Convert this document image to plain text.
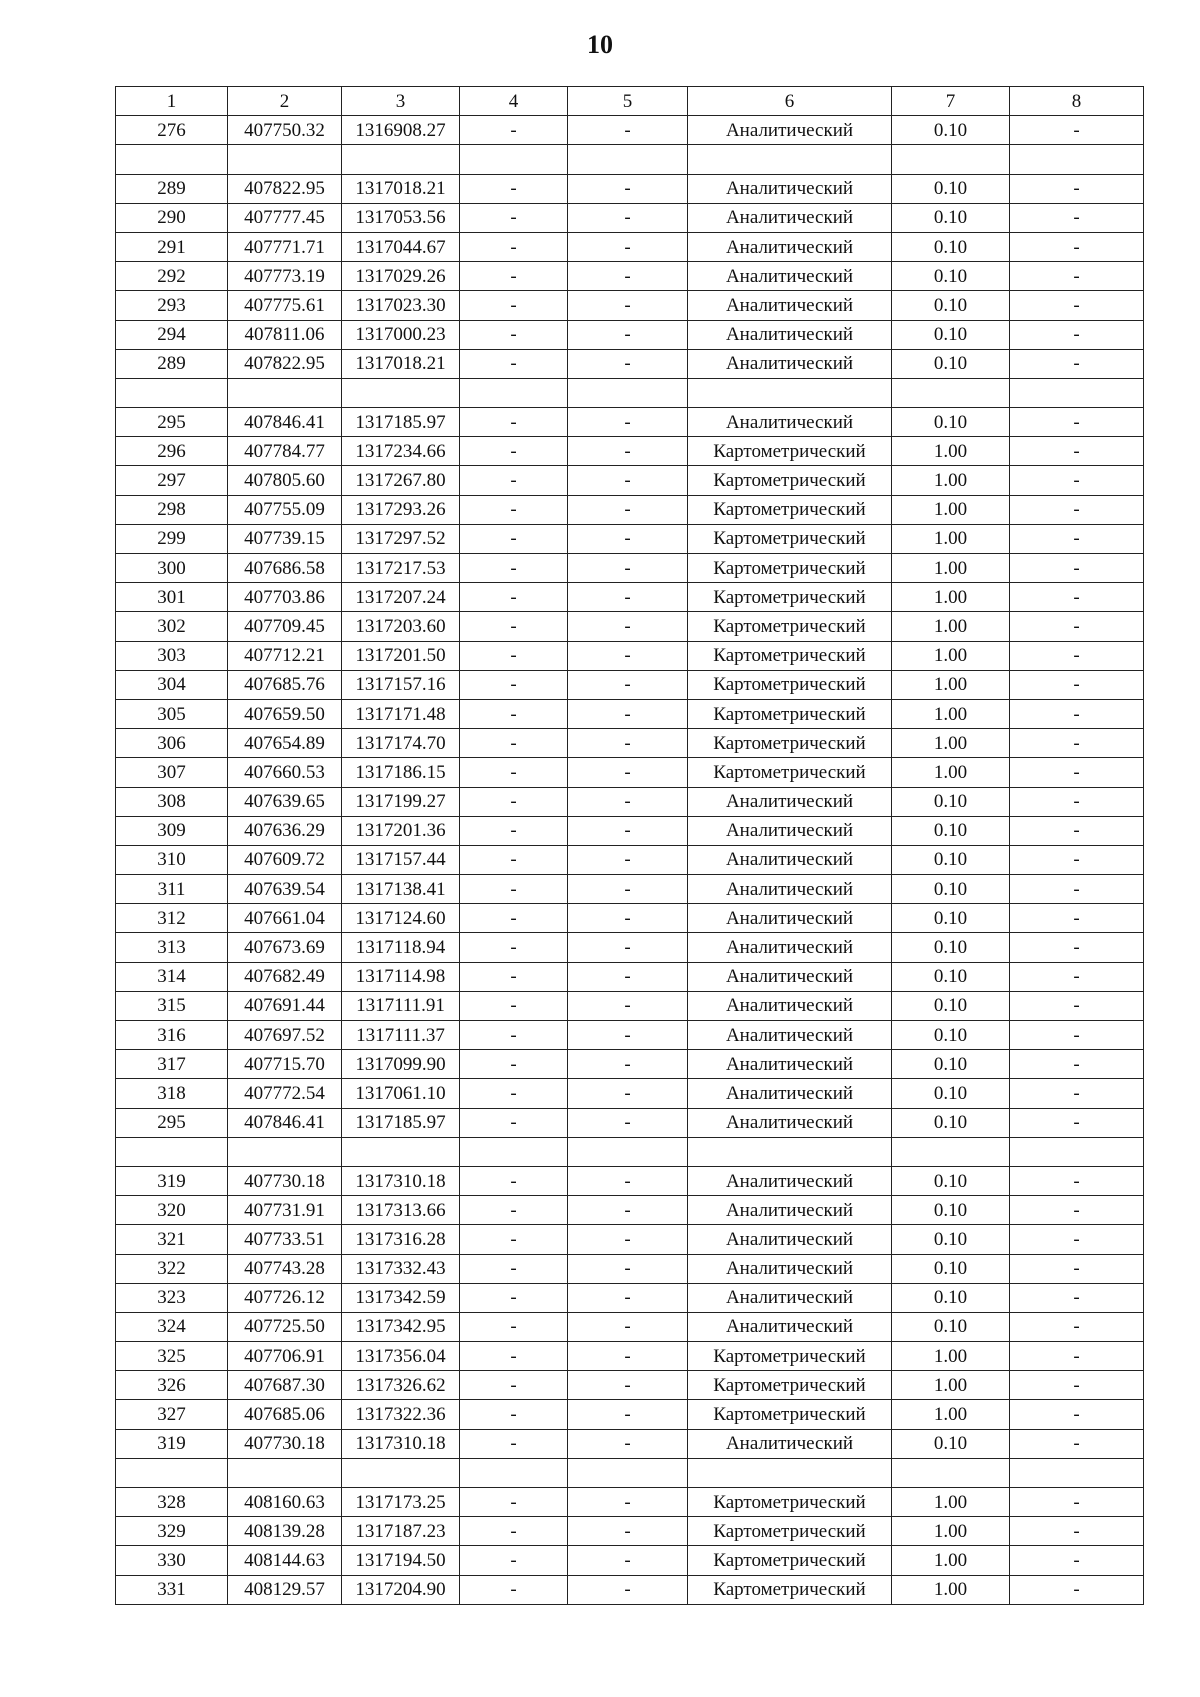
10
1	2	3	4	5	6	7	8
276	407750.32	1316908.27	-	-	Аналитический	0.10	-

289	407822.95	1317018.21	-	-	Аналитический	0.10	-
290	407777.45	1317053.56	-	-	Аналитический	0.10	-
291	407771.71	1317044.67	-	-	Аналитический	0.10	-
292	407773.19	1317029.26	-	-	Аналитический	0.10	-
293	407775.61	1317023.30	-	-	Аналитический	0.10	-
294	407811.06	1317000.23	-	-	Аналитический	0.10	-
289	407822.95	1317018.21	-	-	Аналитический	0.10	-

295	407846.41	1317185.97	-	-	Аналитический	0.10	-
296	407784.77	1317234.66	-	-	Картометрический	1.00	-
297	407805.60	1317267.80	-	-	Картометрический	1.00	-
298	407755.09	1317293.26	-	-	Картометрический	1.00	-
299	407739.15	1317297.52	-	-	Картометрический	1.00	-
300	407686.58	1317217.53	-	-	Картометрический	1.00	-
301	407703.86	1317207.24	-	-	Картометрический	1.00	-
302	407709.45	1317203.60	-	-	Картометрический	1.00	-
303	407712.21	1317201.50	-	-	Картометрический	1.00	-
304	407685.76	1317157.16	-	-	Картометрический	1.00	-
305	407659.50	1317171.48	-	-	Картометрический	1.00	-
306	407654.89	1317174.70	-	-	Картометрический	1.00	-
307	407660.53	1317186.15	-	-	Картометрический	1.00	-
308	407639.65	1317199.27	-	-	Аналитический	0.10	-
309	407636.29	1317201.36	-	-	Аналитический	0.10	-
310	407609.72	1317157.44	-	-	Аналитический	0.10	-
311	407639.54	1317138.41	-	-	Аналитический	0.10	-
312	407661.04	1317124.60	-	-	Аналитический	0.10	-
313	407673.69	1317118.94	-	-	Аналитический	0.10	-
314	407682.49	1317114.98	-	-	Аналитический	0.10	-
315	407691.44	1317111.91	-	-	Аналитический	0.10	-
316	407697.52	1317111.37	-	-	Аналитический	0.10	-
317	407715.70	1317099.90	-	-	Аналитический	0.10	-
318	407772.54	1317061.10	-	-	Аналитический	0.10	-
295	407846.41	1317185.97	-	-	Аналитический	0.10	-

319	407730.18	1317310.18	-	-	Аналитический	0.10	-
320	407731.91	1317313.66	-	-	Аналитический	0.10	-
321	407733.51	1317316.28	-	-	Аналитический	0.10	-
322	407743.28	1317332.43	-	-	Аналитический	0.10	-
323	407726.12	1317342.59	-	-	Аналитический	0.10	-
324	407725.50	1317342.95	-	-	Аналитический	0.10	-
325	407706.91	1317356.04	-	-	Картометрический	1.00	-
326	407687.30	1317326.62	-	-	Картометрический	1.00	-
327	407685.06	1317322.36	-	-	Картометрический	1.00	-
319	407730.18	1317310.18	-	-	Аналитический	0.10	-

328	408160.63	1317173.25	-	-	Картометрический	1.00	-
329	408139.28	1317187.23	-	-	Картометрический	1.00	-
330	408144.63	1317194.50	-	-	Картометрический	1.00	-
331	408129.57	1317204.90	-	-	Картометрический	1.00	-
